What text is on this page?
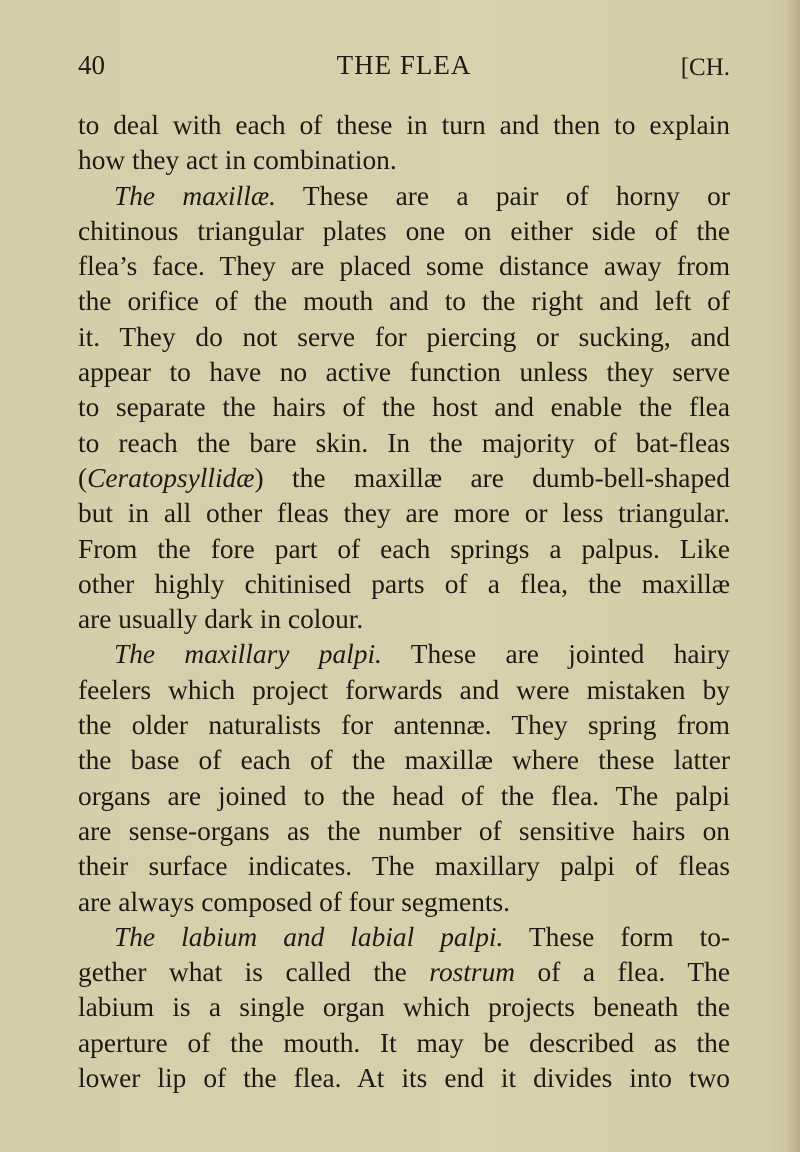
40	THE FLEA	[CH.
to deal with each of these in turn and then to explain
how they act in combination.
The maxillæ. These are a pair of horny or
chitinous triangular plates one on either side of the
flea’s face. They are placed some distance away from
the orifice of the mouth and to the right and left of
it. They do not serve for piercing or sucking, and
appear to have no active function unless they serve
to separate the hairs of the host and enable the flea
to reach the bare skin. In the majority of bat-fleas
(Ceratopsyllidæ) the maxillæ are dumb-bell-shaped
but in all other fleas they are more or less triangular.
From the fore part of each springs a palpus. Like
other highly chitinised parts of a flea, the maxillæ
are usually dark in colour.
The maxillary palpi. These are jointed hairy
feelers which project forwards and were mistaken by
the older naturalists for antennæ. They spring from
the base of each of the maxillæ where these latter
organs are joined to the head of the flea. The palpi
are sense-organs as the number of sensitive hairs on
their surface indicates. The maxillary palpi of fleas
are always composed of four segments.
The labium and labial palpi. These form to-
gether what is called the rostrum of a flea. The
labium is a single organ which projects beneath the
aperture of the mouth. It may be described as the
lower lip of the flea. At its end it divides into two
